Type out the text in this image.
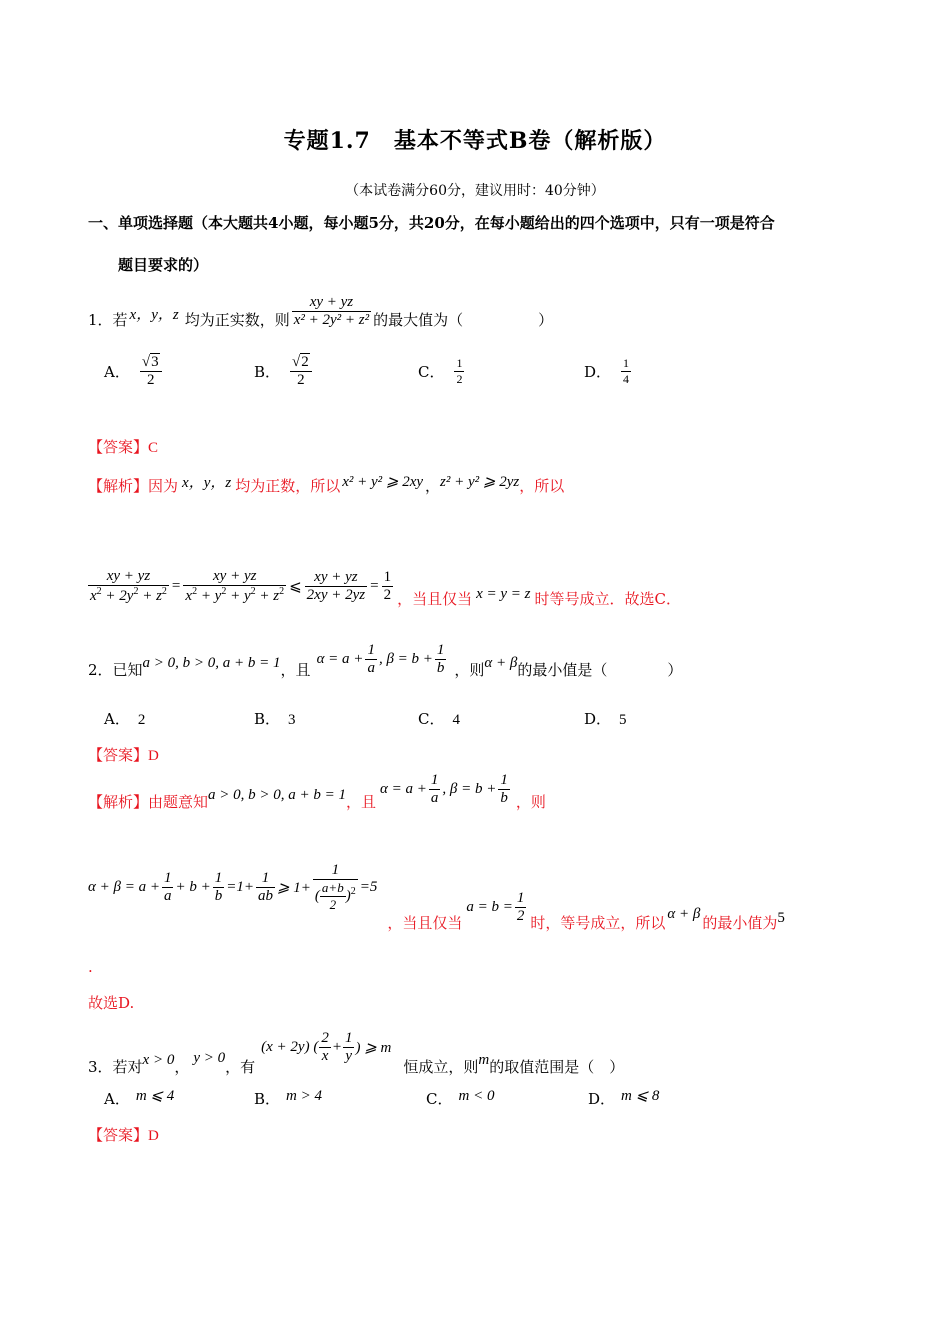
专题1.7　基本不等式B卷（解析版）
（本试卷满分60分，建议用时：40分钟）
一、单项选择题（本大题共4小题，每小题5分，共20分，在每小题给出的四个选项中，只有一项是符合
题目要求的）
1．若 x，y，z 均为正实数，则 $\frac{xy + yz}{\text{x² + 2y² + z²}}$ 的最大值为（　　　　　）
A． $\frac{√3}{2}$	B． $\frac{√2}{2}$	C． $\frac{1}{2}$	D． $\frac{1}{4}$
【答案】C
【解析】 因为 x，y，z 均为正数，所以 x² + y² ⩾ 2xy ， z² + y² ⩾ 2yz ，所以
$\frac{xy + yz}{x^2 + 2y^2 + z^2} = \frac{xy + yz}{x^2 + y^2 + y^2 + z^2}$ ⩽ $\frac{xy + yz}{2xy + 2yz} = \frac{1}{2}$ ，当且仅当 x = y = z 时等号成立．故选C．
2．已知 a > 0, b > 0, a + b = 1 ，且
$\alpha = a + \frac{1}{a}$ , $\beta = b + \frac{1}{b}$ ，则 α + β 的最小值是（　　　　）
A． 2	B． 3	C． 4	D． 5
【答案】D
【解析】 由题意知 a > 0, b > 0, a + b = 1 ，且
$\alpha = a + \frac{1}{a}$ , $\beta = b + \frac{1}{b}$ ，则
$\alpha + \beta = a + \frac{1}{a} + b + \frac{1}{b} =1+ \frac{1}{ab}$ ⩾ $1+ \frac{1}{( \frac{a+b}{2} )^2} =5$
，当且仅当
$a = b = \frac{1}{2}$ 时，等号成立，所以 α + β 的最小值为 5
.
故选D.
3．若对 x > 0 ， y > 0 ，有
(x + 2y) ( $\frac{2}{x} + \frac{1}{y}$ ) ⩾ m
恒成立，则 m 的取值范围是（　）
A． m ⩽ 4	B． m > 4	C． m < 0	D． m ⩽ 8
【答案】D
